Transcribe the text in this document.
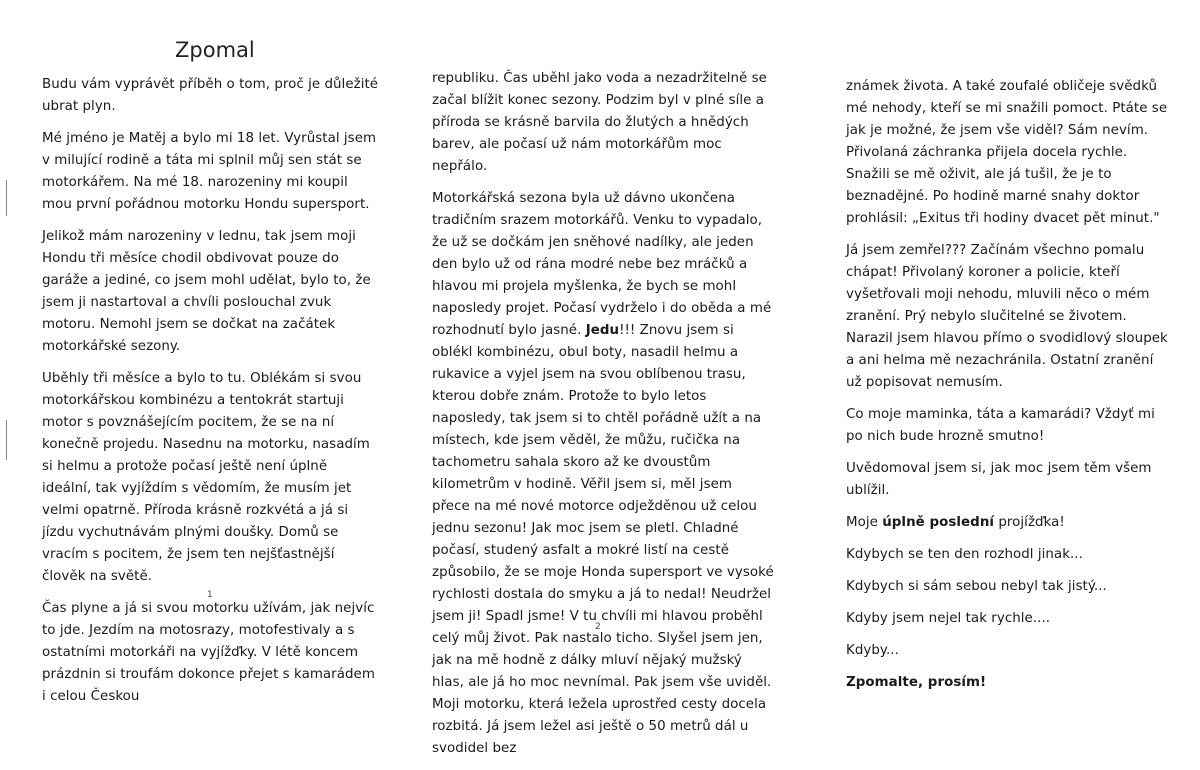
Zpomal

Budu vám vyprávět příběh o tom, proč je důležité ubrat plyn.

Mé jméno je Matěj a bylo mi 18 let. Vyrůstal jsem v milující rodině a táta mi splnil můj sen stát se motorkářem. Na mé 18. narozeniny mi koupil mou první pořádnou motorku Hondu supersport.

Jelikož mám narozeniny v lednu, tak jsem moji Hondu tři měsíce chodil obdivovat pouze do garáže a jediné, co jsem mohl udělat, bylo to, že jsem ji nastartoval a chvíli poslouchal zvuk motoru. Nemohl jsem se dočkat na začátek motorkářské sezony.

Uběhly tři měsíce a bylo to tu. Oblékám si svou motorkářskou kombinézu a tentokrát startuji motor s povznášejícím pocitem, že se na ní konečně projedu. Nasednu na motorku, nasadím si helmu a protože počasí ještě není úplně ideální, tak vyjíždím s vědomím, že musím jet velmi opatrně. Příroda krásně rozkvétá a já si jízdu vychutnávám plnými doušky. Domů se vracím s pocitem, že jsem ten nejšťastnější člověk na světě.

Čas plyne a já si svou motorku užívám, jak nejvíc to jde. Jezdím na motosrazy, motofestivaly a s ostatními motorkáři na vyjížďky. V létě koncem prázdnin si troufám dokonce přejet s kamarádem i celou Českou

1

republiku. Čas uběhl jako voda a nezadržitelně se začal blížit konec sezony. Podzim byl v plné síle a příroda se krásně barvila do žlutých a hnědých barev, ale počasí už nám motorkářům moc nepřálo.

Motorkářská sezona byla už dávno ukončena tradičním srazem motorkářů. Venku to vypadalo, že už se dočkám jen sněhové nadílky, ale jeden den bylo už od rána modré nebe bez mráčků a hlavou mi projela myšlenka, že bych se mohl naposledy projet. Počasí vydrželo i do oběda a mé rozhodnutí bylo jasné. Jedu!!! Znovu jsem si oblékl kombinézu, obul boty, nasadil helmu a rukavice a vyjel jsem na svou oblíbenou trasu, kterou dobře znám. Protože to bylo letos naposledy, tak jsem si to chtěl pořádně užít a na místech, kde jsem věděl, že můžu, ručička na tachometru sahala skoro až ke dvoustům kilometrům v hodině. Věřil jsem si, měl jsem přece na mé nové motorce odježděnou už celou jednu sezonu! Jak moc jsem se pletl. Chladné počasí, studený asfalt a mokré listí na cestě způsobilo, že se moje Honda supersport ve vysoké rychlosti dostala do smyku a já to nedal! Neudržel jsem ji! Spadl jsme! V tu chvíli mi hlavou proběhl celý můj život. Pak nastalo ticho. Slyšel jsem jen, jak na mě hodně z dálky mluví nějaký mužský hlas, ale já ho moc nevnímal. Pak jsem vše uviděl. Moji motorku, která ležela uprostřed cesty docela rozbitá. Já jsem ležel asi ještě o 50 metrů dál u svodidel bez

2

známek života. A také zoufalé obličeje svědků mé nehody, kteří se mi snažili pomoct. Ptáte se jak je možné, že jsem vše viděl? Sám nevím. Přivolaná záchranka přijela docela rychle. Snažili se mě oživit, ale já tušil, že je to beznadějné. Po hodině marné snahy doktor prohlásil: „Exitus tři hodiny dvacet pět minut."

Já jsem zemřel??? Začínám všechno pomalu chápat! Přivolaný koroner a policie, kteří vyšetřovali moji nehodu, mluvili něco o mém zranění. Prý nebylo slučitelné se životem. Narazil jsem hlavou přímo o svodidlový sloupek a ani helma mě nezachránila. Ostatní zranění už popisovat nemusím.

Co moje maminka, táta a kamarádi? Vždyť mi po nich bude hrozně smutno!

Uvědomoval jsem si, jak moc jsem těm všem ublížil.

Moje úplně poslední projížďka!

Kdybych se ten den rozhodl jinak...

Kdybych si sám sebou nebyl tak jistý...

Kdyby jsem nejel tak rychle....

Kdyby...

Zpomalte, prosím!
